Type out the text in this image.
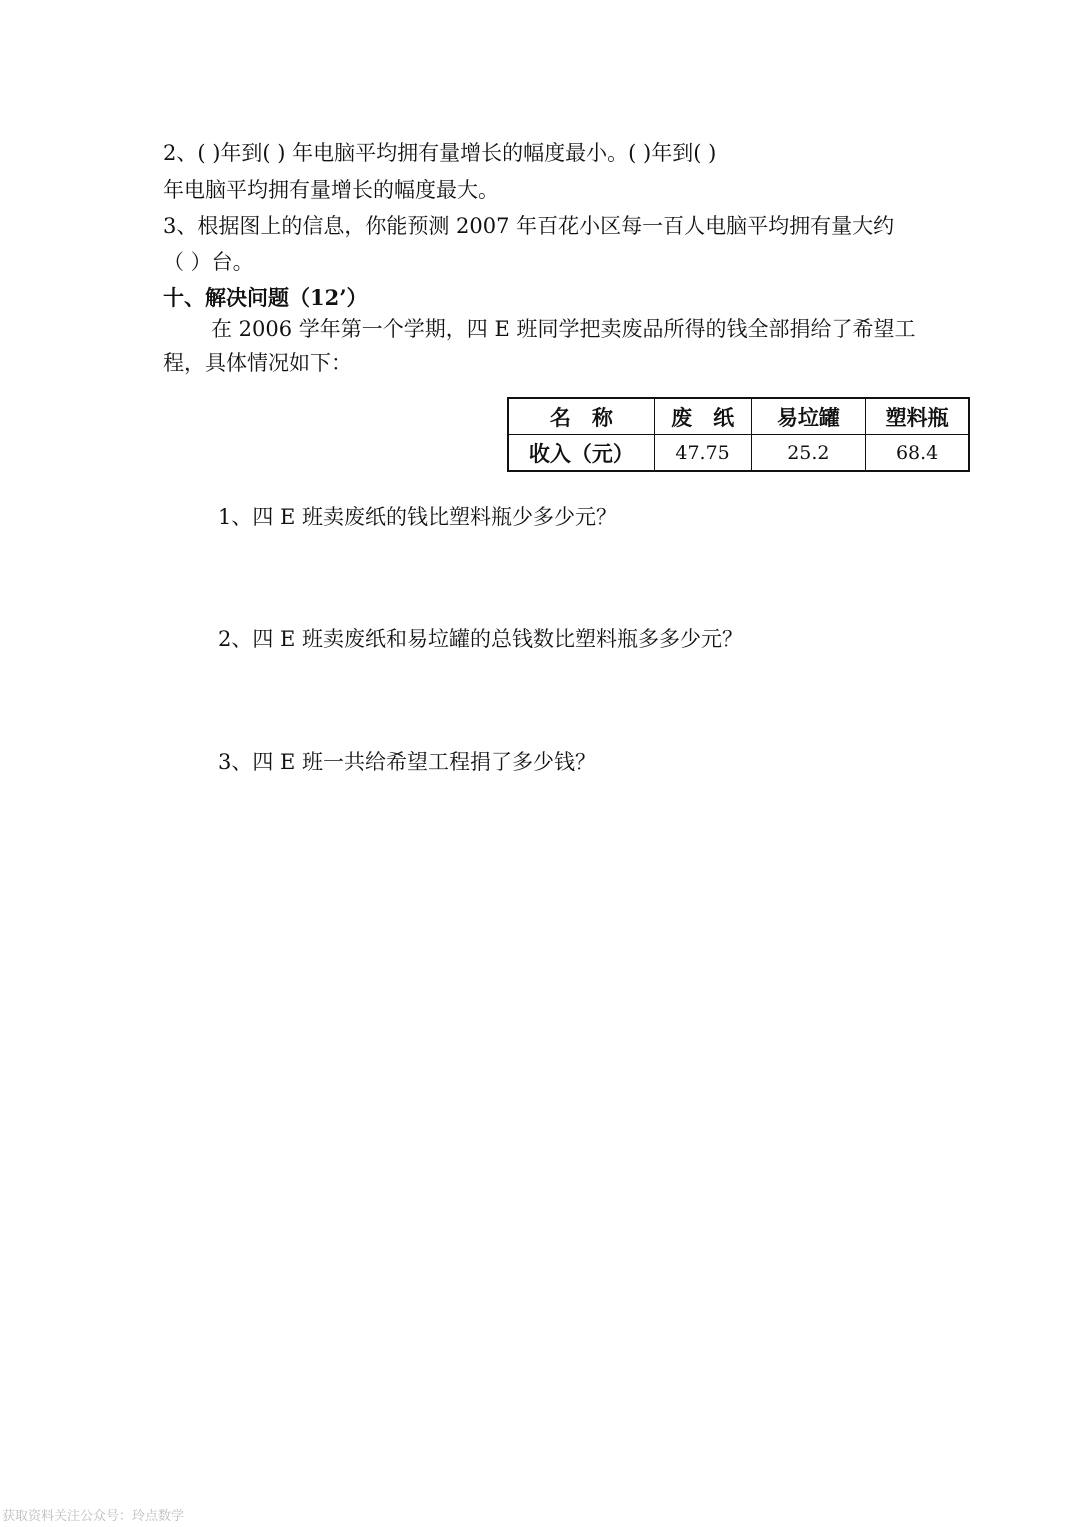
2、( )年到( ) 年电脑平均拥有量增长的幅度最小。( )年到( )
年电脑平均拥有量增长的幅度最大。
3、根据图上的信息，你能预测 2007 年百花小区每一百人电脑平均拥有量大约
（ ）台。
十、解决问题（12’）
在 2006 学年第一个学期，四 E 班同学把卖废品所得的钱全部捐给了希望工
程，具体情况如下：
名　称	废　纸	易垃罐	塑料瓶
收入（元）	47.75	25.2	68.4
1、四 E 班卖废纸的钱比塑料瓶少多少元？
2、四 E 班卖废纸和易垃罐的总钱数比塑料瓶多多少元？
3、四 E 班一共给希望工程捐了多少钱？
获取资料关注公众号：玲点数学
